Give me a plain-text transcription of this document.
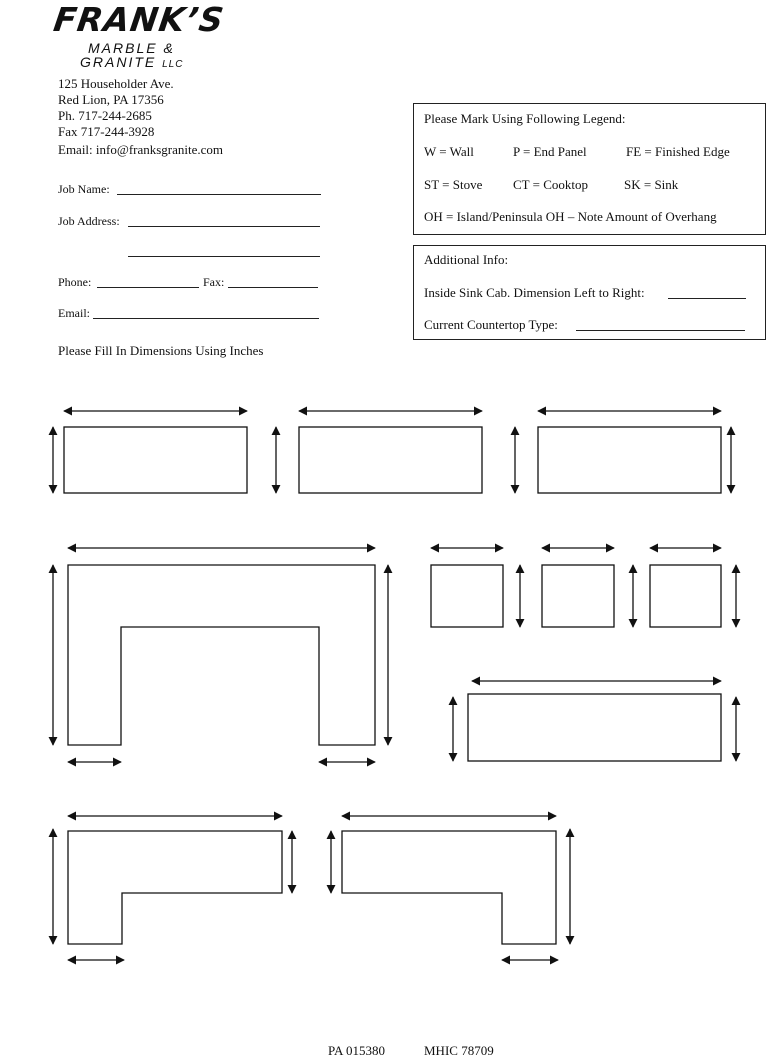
FRANK’S
MARBLE &
GRANITE LLC
125 Householder Ave.
Red Lion, PA 17356
Ph. 717-244-2685
Fax 717-244-3928
Email: info@franksgranite.com
Job Name:
Job Address:
Phone:	Fax:
Email:
Please Fill In Dimensions Using Inches
Please Mark Using Following Legend:
W = Wall	P = End Panel	FE = Finished Edge
ST = Stove CT = Cooktop	SK = Sink
OH = Island/Peninsula OH – Note Amount of Overhang
Additional Info:
Inside Sink Cab. Dimension Left to Right:
Current Countertop Type:
PA 015380	MHIC 78709
